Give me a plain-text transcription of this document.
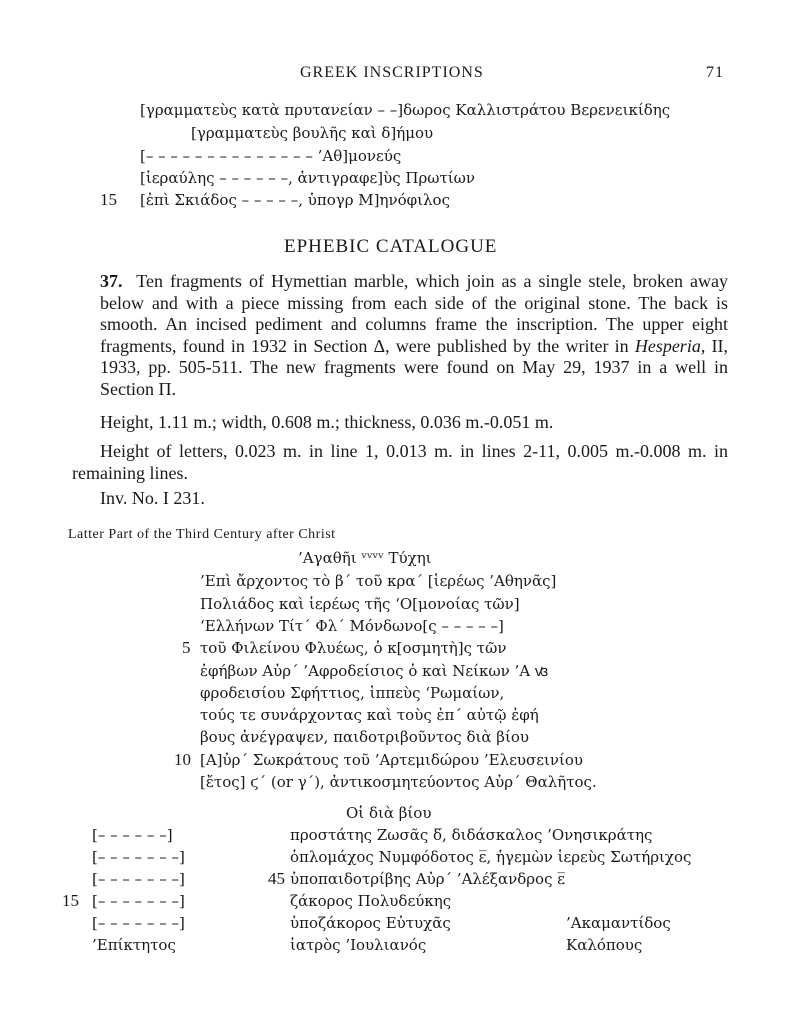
GREEK INSCRIPTIONS	71
[γραμματεὺς κατὰ πρυτανείαν – –]δωρος Καλλιστράτου Βερενεικίδης
[γραμματεὺς βουλῆς καὶ δ]ήμου
[– – – – – – – – – – – – – – ’Αθ]μονεύς
[ἱεραύλης – – – – – –, ἀντιγραφε]ὺς Πρωτίων
15 [ἐπὶ Σκιάδος – – – – –, ὑπογρ Μ]ηνόφιλος
EPHEBIC CATALOGUE
37. Ten fragments of Hymettian marble, which join as a single stele, broken away below and with a piece missing from each side of the original stone. The back is smooth. An incised pediment and columns frame the inscription. The upper eight fragments, found in 1932 in Section Δ, were published by the writer in Hesperia, II, 1933, pp. 505-511. The new fragments were found on May 29, 1937 in a well in Section Π.
Height, 1.11 m.; width, 0.608 m.; thickness, 0.036 m.-0.051 m.
Height of letters, 0.023 m. in line 1, 0.013 m. in lines 2-11, 0.005 m.-0.008 m. in remaining lines.
Inv. No. I 231.
Latter Part of the Third Century after Christ
’Αγαθῆι ᵛᵛᵛᵛ Τύχηι
’Επὶ ἄρχοντος τὸ β΄ τοῦ κρα΄ [ἱερέως ’Αθηνᾶς]
Πολιάδος καὶ ἱερέως τῆς ‘Ο[μονοίας τῶν]
‘Ελλήνων Τίτ΄ Φλ΄ Μόνδωνο[ς – – – – –]
5 τοῦ Φιλείνου Φλυέως, ὁ κ[οσμητὴ]ς τῶν
ἐφήβων Αὐρ΄ ’Αφροδείσιος ὁ καὶ Νείκων ’Α ꟃ
φροδεισίου Σφήττιος, ἱππεὺς ‘Ρωμαίων,
τούς τε συνάρχοντας καὶ τοὺς ἐπ΄ αὐτῷ ἐφή
βους ἀνέγραψεν, παιδοτριβοῦντος διὰ βίου
10 [Α]ὐρ΄ Σωκράτους τοῦ ’Αρτεμιδώρου ’Ελευσεινίου
[ἔτος] ϛ΄ (or γ΄), ἀντικοσμητεύοντος Αὐρ΄ Θαλῆτος.
Οἱ διὰ βίου
[– – – – – –]
[– – – – – – –]
[– – – – – – –]
15 [– – – – – – –]
[– – – – – – –]
’Επίκτητος
προστάτης Ζωσᾶς δ̅, διδάσκαλος ’Ονησικράτης
ὁπλομάχος Νυμφόδοτος ε̅, ἡγεμὼν ἱερεὺς Σωτήριχος
45 ὑποπαιδοτρίβης Αὐρ΄ ’Αλέξανδρος ε̅
ζάκορος Πολυδεύκης
ὑποζάκορος Εὐτυχᾶς
ἰατρὸς ’Ιουλιανός
’Ακαμαντίδος
Καλόπους
